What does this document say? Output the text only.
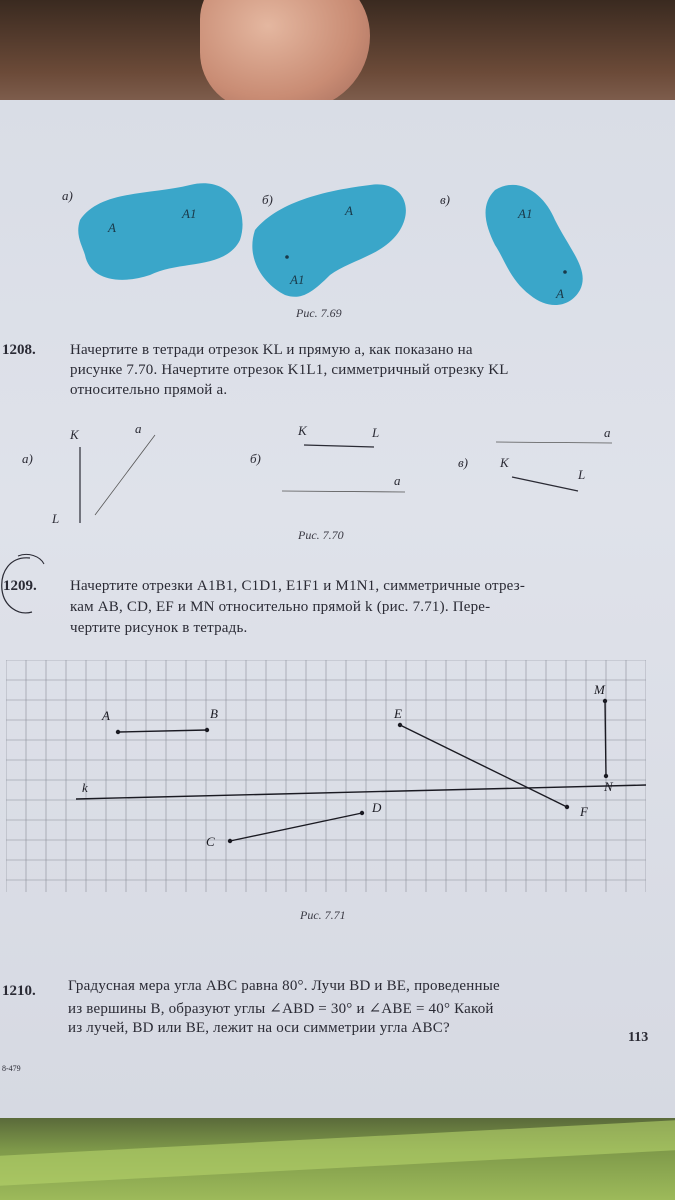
а)
A
A1
б)
A
A1
в)
A1
A
Рис. 7.69
1208. Начертите в тетради отрезок KL и прямую a, как показано на
рисунке 7.70. Начертите отрезок K1L1, симметричный отрезку KL
относительно прямой a.
а)
K
L
a
б)
K	L
a
в)
a
K
L
Рис. 7.70
1209. Начертите отрезки A1B1, C1D1, E1F1 и M1N1, симметричные отрез-
кам AB, CD, EF и MN относительно прямой k (рис. 7.71). Пере-
чертите рисунок в тетрадь.
k
A	B
C
D
E
F
M
N
Рис. 7.71
1210. Градусная мера угла ABC равна 80°. Лучи BD и BE, проведенные
из вершины B, образуют углы ∠ABD = 30° и ∠ABE = 40° Какой
из лучей, BD или BE, лежит на оси симметрии угла ABC?
113
8-479
